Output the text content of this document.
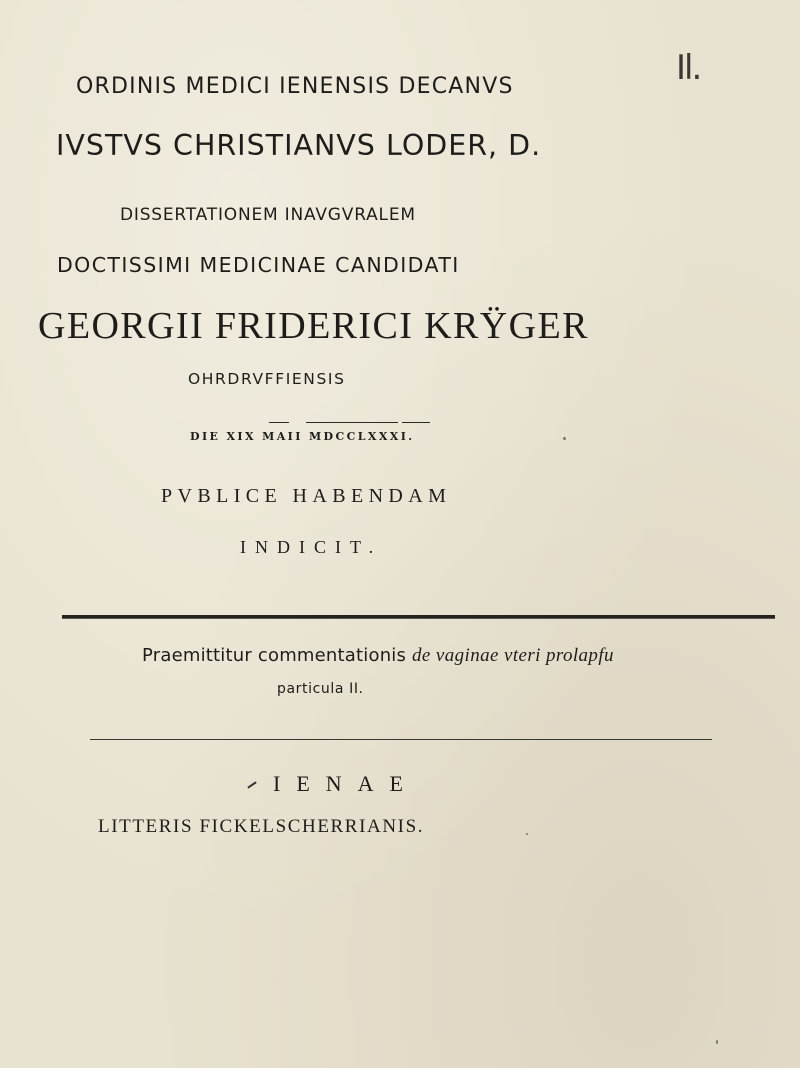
Il.
ORDINIS MEDICI IENENSIS DECANVS
IVSTVS CHRISTIANVS LODER, D.
DISSERTATIONEM INAVGVRALEM
DOCTISSIMI MEDICINAE CANDIDATI
GEORGII FRIDERICI KRŸGER
OHRDRVFFIENSIS
DIE XIX MAII MDCCLXXXI.
PVBLICE HABENDAM
INDICIT.
Praemittitur commentationis de vaginae vteri prolapfu
particula II.
IENAE
LITTERIS FICKELSCHERRIANIS.
